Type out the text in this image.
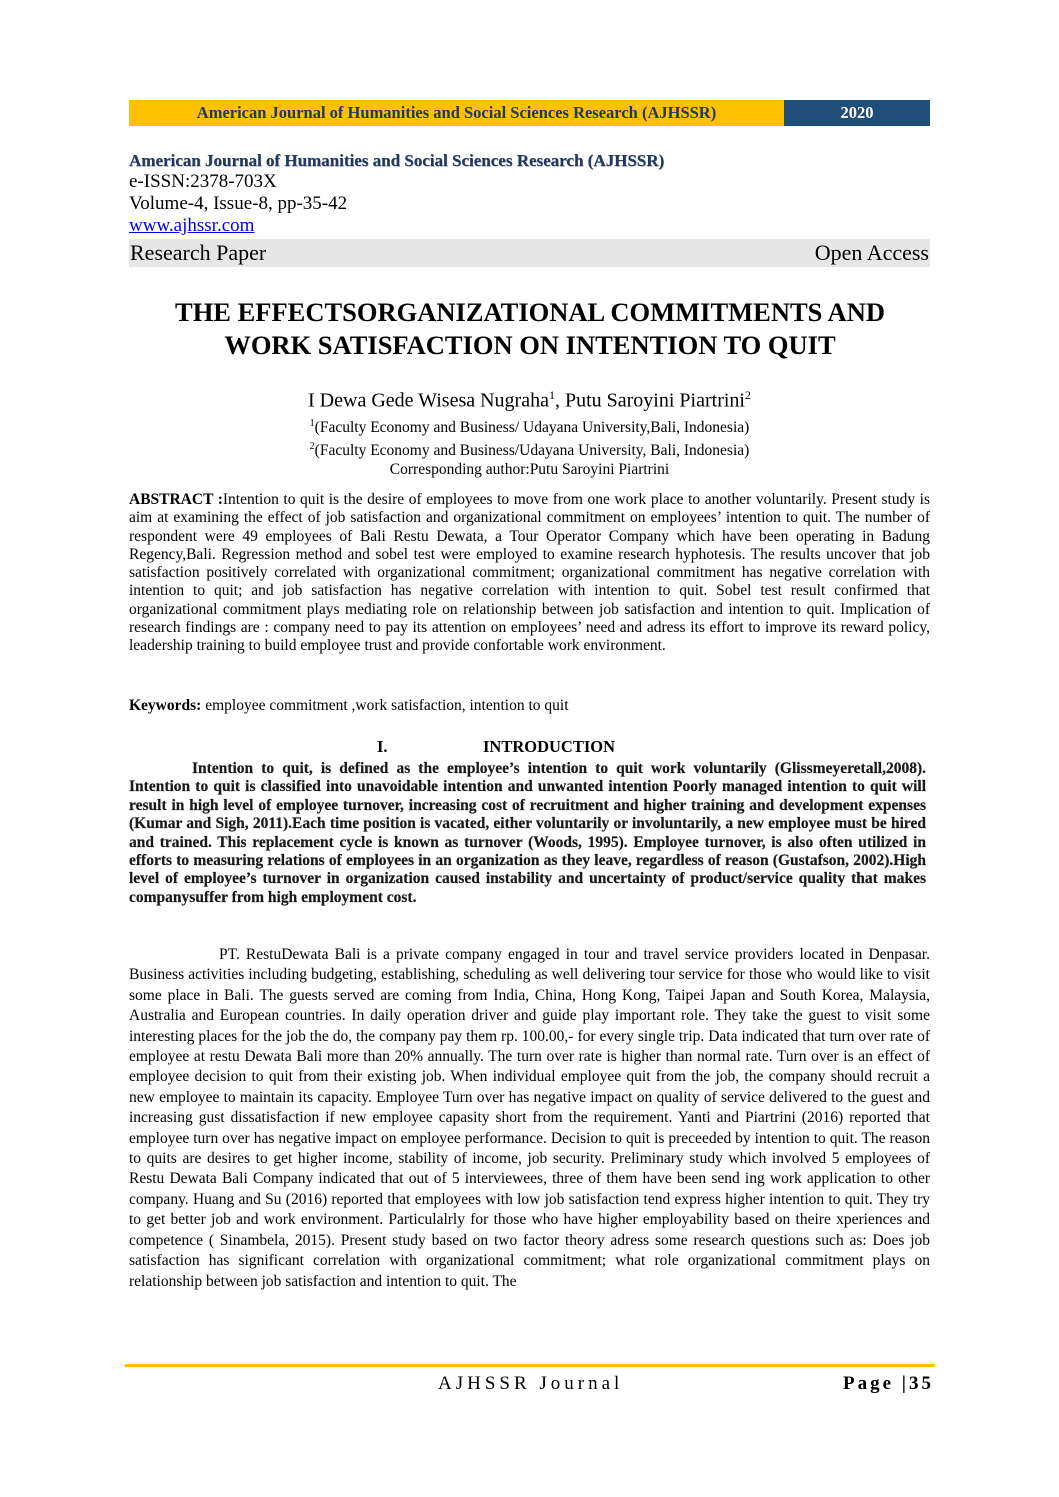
American Journal of Humanities and Social Sciences Research (AJHSSR)	2020
American Journal of Humanities and Social Sciences Research (AJHSSR)
e-ISSN:2378-703X
Volume-4, Issue-8, pp-35-42
www.ajhssr.com
Research Paper	Open Access
THE EFFECTSORGANIZATIONAL COMMITMENTS AND
WORK SATISFACTION ON INTENTION TO QUIT
I Dewa Gede Wisesa Nugraha$^1$, Putu Saroyini Piartrini$^2$
$^1$(Faculty Economy and Business/ Udayana University,Bali, Indonesia)
$^2$(Faculty Economy and Business/Udayana University, Bali, Indonesia)
Corresponding author:Putu Saroyini Piartrini
ABSTRACT :Intention to quit is the desire of employees to move from one work place to another voluntarily. Present study is aim at examining the effect of job satisfaction and organizational commitment on employees’ intention to quit. The number of respondent were 49 employees of Bali Restu Dewata, a Tour Operator Company which have been operating in Badung Regency,Bali. Regression method and sobel test were employed to examine research hyphotesis. The results uncover that job satisfaction positively correlated with organizational commitment; organizational commitment has negative correlation with intention to quit; and job satisfaction has negative correlation with intention to quit. Sobel test result confirmed that organizational commitment plays mediating role on relationship between job satisfaction and intention to quit. Implication of research findings are : company need to pay its attention on employees’ need and adress its effort to improve its reward policy, leadership training to build employee trust and provide confortable work environment.
Keywords: employee commitment ,work satisfaction, intention to quit
I.	INTRODUCTION
Intention to quit, is defined as the employee’s intention to quit work voluntarily (Glissmeyeretall,2008). Intention to quit is classified into unavoidable intention and unwanted intention Poorly managed intention to quit will result in high level of employee turnover, increasing cost of recruitment and higher training and development expenses (Kumar and Sigh, 2011).Each time position is vacated, either voluntarily or involuntarily, a new employee must be hired and trained. This replacement cycle is known as turnover (Woods, 1995). Employee turnover, is also often utilized in efforts to measuring relations of employees in an organization as they leave, regardless of reason (Gustafson, 2002).High level of employee’s turnover in organization caused instability and uncertainty of product/service quality that makes companysuffer from high employment cost.
PT. RestuDewata Bali is a private company engaged in tour and travel service providers located in Denpasar. Business activities including budgeting, establishing, scheduling as well delivering tour service for those who would like to visit some place in Bali. The guests served are coming from India, China, Hong Kong, Taipei Japan and South Korea, Malaysia, Australia and European countries. In daily operation driver and guide play important role. They take the guest to visit some interesting places for the job the do, the company pay them rp. 100.00,- for every single trip. Data indicated that turn over rate of employee at restu Dewata Bali more than 20% annually. The turn over rate is higher than normal rate. Turn over is an effect of employee decision to quit from their existing job. When individual employee quit from the job, the company should recruit a new employee to maintain its capacity. Employee Turn over has negative impact on quality of service delivered to the guest and increasing gust dissatisfaction if new employee capasity short from the requirement. Yanti and Piartrini (2016) reported that employee turn over has negative impact on employee performance. Decision to quit is preceeded by intention to quit. The reason to quits are desires to get higher income, stability of income, job security. Preliminary study which involved 5 employees of Restu Dewata Bali Company indicated that out of 5 interviewees, three of them have been send ing work application to other company. Huang and Su (2016) reported that employees with low job satisfaction tend express higher intention to quit. They try to get better job and work environment. Particulalrly for those who have higher employability based on theire xperiences and competence ( Sinambela, 2015). Present study based on two factor theory adress some research questions such as: Does job satisfaction has significant correlation with organizational commitment; what role organizational commitment plays on relationship between job satisfaction and intention to quit. The
AJHSSR Journal	Page |35
